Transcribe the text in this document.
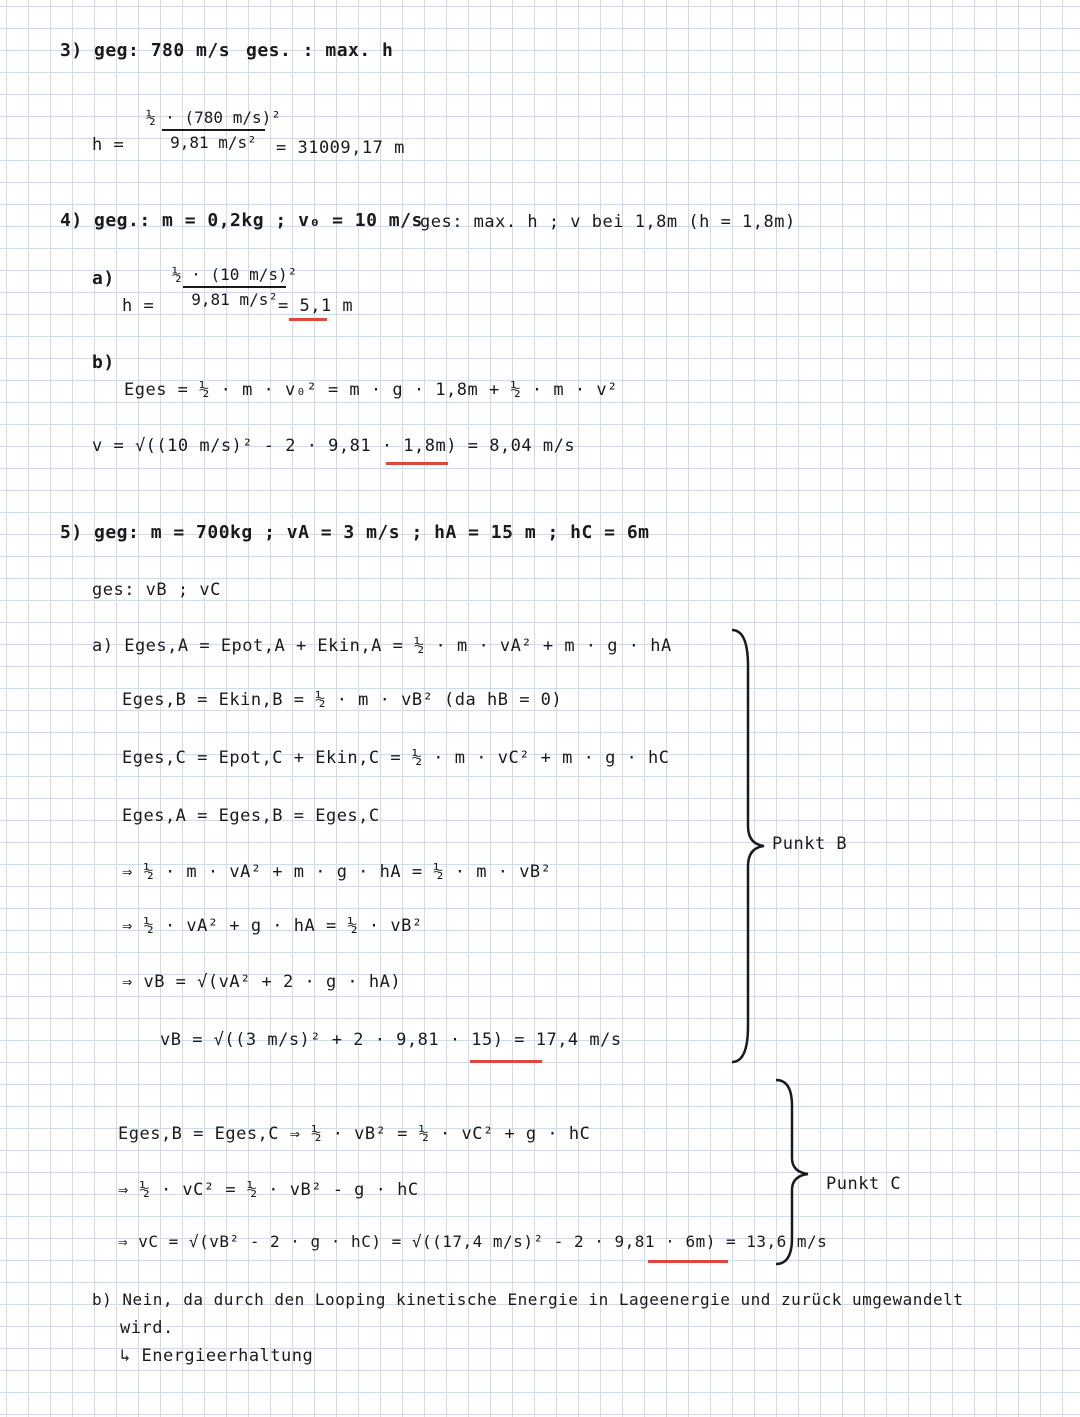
3) geg: 780 m/s ges. : max. h
$h = \frac{\text{½ · (780 m/s)²}}{\text{9,81 m/s²}}$
= 31009,17 m
4) geg.: m = 0,2kg ; v₀ = 10 m/s
ges: max. h ; v bei 1,8m (h = 1,8m)
a)
$h = \frac{\text{½ · (10 m/s)²}}{\text{9,81 m/s²}}$
= 5,1 m
b)
Eges = ½ · m · v₀² = m · g · 1,8m + ½ · m · v²
v = √((10 m/s)² - 2 · 9,81 · 1,8m) = 8,04 m/s
5) geg: m = 700kg ; vA = 3 m/s ; hA = 15 m ; hC = 6m
ges: vB ; vC
a) Eges,A = Epot,A + Ekin,A = ½ · m · vA² + m · g · hA
Eges,B = Ekin,B = ½ · m · vB² (da hB = 0)
Eges,C = Epot,C + Ekin,C = ½ · m · vC² + m · g · hC
Eges,A = Eges,B = Eges,C
⇒ ½ · m · vA² + m · g · hA = ½ · m · vB²
⇒ ½ · vA² + g · hA = ½ · vB²
⇒ vB = √(vA² + 2 · g · hA)
vB = √((3 m/s)² + 2 · 9,81 · 15) = 17,4 m/s
Eges,B = Eges,C ⇒ ½ · vB² = ½ · vC² + g · hC
⇒ ½ · vC² = ½ · vB² - g · hC
⇒ vC = √(vB² - 2 · g · hC) = √((17,4 m/s)² - 2 · 9,81 · 6m) = 13,6 m/s
Punkt B
Punkt C
b) Nein, da durch den Looping kinetische Energie in Lageenergie und zurück umgewandelt
wird.
↳ Energieerhaltung
